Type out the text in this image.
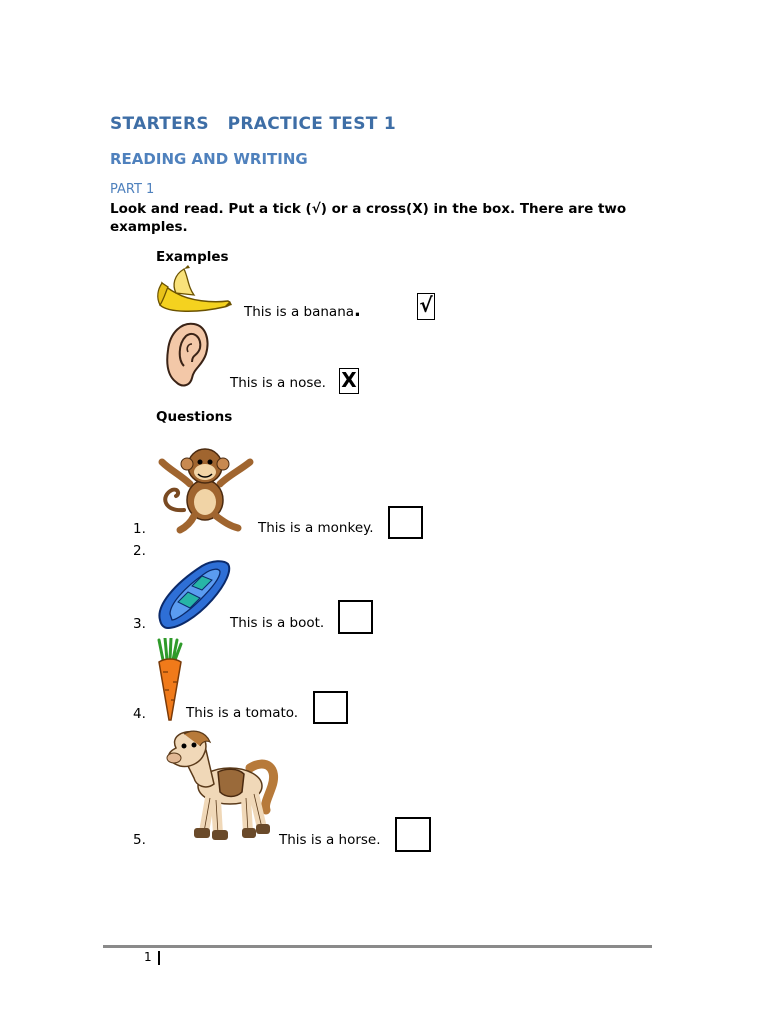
STARTERS   PRACTICE TEST 1
READING AND WRITING
PART 1
Look and read. Put a tick (√) or a cross(X) in the box. There are two examples.
Examples
This is a banana.	√
This is a nose. X
Questions
1.	This is a monkey.
2.
3.	This is a boot.
4.	This is a tomato.
5.	This is a horse.
1
